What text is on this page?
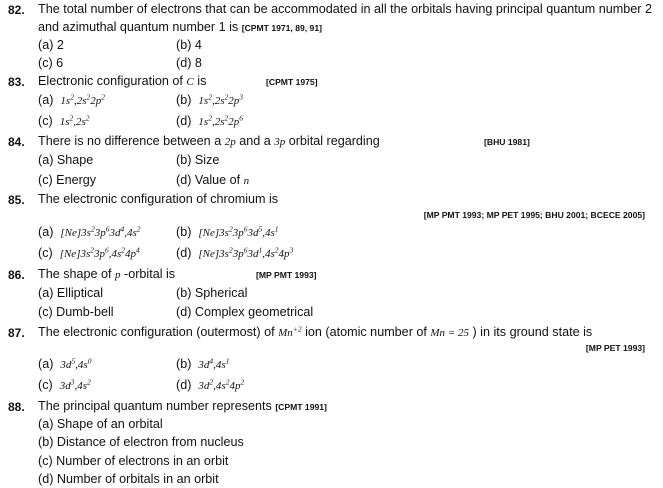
82. The total number of electrons that can be accommodated in all the orbitals having principal quantum number 2
and azimuthal quantum number 1 is [CPMT 1971, 89, 91]
(a) 2	(b) 4
(c) 6	(d) 8
83. Electronic configuration of C is	[CPMT 1975]
(a) $1s^2,2s^22p^2$	(b) $1s^2,2s^22p^3$
(c) $1s^2,2s^2$	(d) $1s^2,2s^22p^6$
84. There is no difference between a 2p and a 3p orbital regarding	[BHU 1981]
(a) Shape	(b) Size
(c) Energy	(d) Value of n
85. The electronic configuration of chromium is
[MP PMT 1993; MP PET 1995; BHU 2001; BCECE 2005]
(a) $[Ne]3s^23p^63d^4,4s^2$	(b) $[Ne]3s^23p^63d^5,4s^1$
(c) $[Ne]3s^23p^6,4s^24p^4$	(d) $[Ne]3s^23p^63d^1,4s^24p^3$
86. The shape of p -orbital is	[MP PMT 1993]
(a) Elliptical	(b) Spherical
(c) Dumb-bell	(d) Complex geometrical
87. The electronic configuration (outermost) of $Mn^{+2}$ ion (atomic number of Mn = 25 ) in its ground state is
[MP PET 1993]
(a) $3d^5,4s^0$	(b) $3d^4,4s^1$
(c) $3d^3,4s^2$	(d) $3d^2,4s^24p^2$
88. The principal quantum number represents [CPMT 1991]
(a) Shape of an orbital
(b) Distance of electron from nucleus
(c) Number of electrons in an orbit
(d) Number of orbitals in an orbit
